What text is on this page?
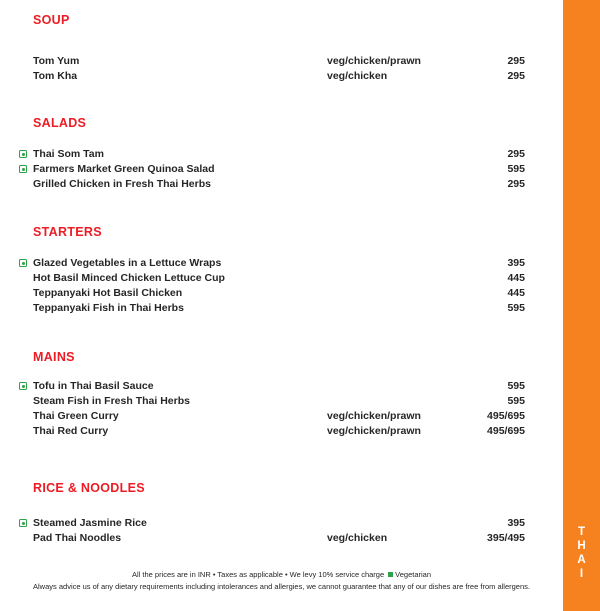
SOUP
Tom Yum	veg/chicken/prawn	295
Tom Kha	veg/chicken	295
SALADS
Thai Som Tam	295
Farmers Market Green Quinoa Salad	595
Grilled Chicken in Fresh Thai Herbs	295
STARTERS
Glazed Vegetables in a Lettuce Wraps	395
Hot Basil Minced Chicken Lettuce Cup	445
Teppanyaki Hot Basil Chicken	445
Teppanyaki Fish in Thai Herbs	595
MAINS
Tofu in Thai Basil Sauce	595
Steam Fish in Fresh Thai Herbs	595
Thai Green Curry	veg/chicken/prawn	495/695
Thai Red Curry	veg/chicken/prawn	495/695
RICE & NOODLES
Steamed Jasmine Rice	395
Pad Thai Noodles	veg/chicken	395/495
All the prices are in INR • Taxes as applicable • We levy 10% service charge Vegetarian
Always advice us of any dietary requirements including intolerances and allergies, we cannot guarantee that any of our dishes are free from allergens.
T
H
A
I
